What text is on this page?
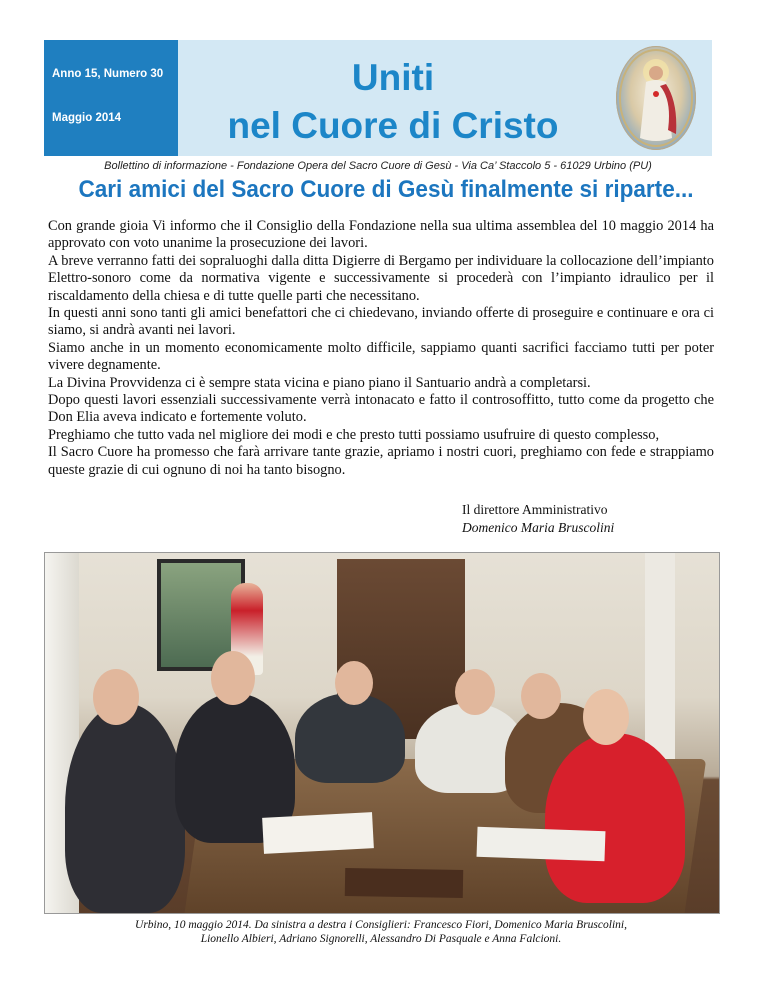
Anno 15, Numero 30
Maggio 2014
Uniti
nel Cuore di Cristo
Bollettino di informazione - Fondazione Opera del Sacro Cuore di Gesù - Via Ca’ Staccolo 5 - 61029 Urbino (PU)
Cari amici del Sacro Cuore di Gesù finalmente si riparte...

Con grande gioia Vi informo che il Consiglio della Fondazione nella sua ultima assemblea del 10 maggio 2014 ha approvato con voto unanime la prosecuzione dei lavori.

A breve verranno fatti dei sopraluoghi dalla ditta Digierre di Bergamo per individuare la collocazione dell’impianto Elettro-sonoro come da normativa vigente e successivamente si procederà con l’impianto idraulico per il riscaldamento della chiesa e di tutte quelle parti che necessitano.

In questi anni sono tanti gli amici benefattori che ci chiedevano, inviando offerte di proseguire e continuare e ora ci siamo, si andrà avanti nei lavori.

Siamo anche in un momento economicamente molto difficile, sappiamo quanti sacrifici facciamo tutti per poter vivere degnamente.

La Divina Provvidenza ci è sempre stata vicina e piano piano il Santuario andrà a completarsi.

Dopo questi lavori essenziali successivamente verrà intonacato e fatto il controsoffitto, tutto come da progetto che Don Elia aveva indicato e fortemente voluto.

Preghiamo che tutto vada nel migliore dei modi e che presto tutti possiamo usufruire di questo complesso,

Il Sacro Cuore ha promesso che farà arrivare tante grazie, apriamo i nostri cuori, preghiamo con fede e strappiamo queste grazie di cui ognuno di noi ha tanto bisogno.

Il direttore Amministrativo
Domenico Maria Bruscolini

Urbino, 10 maggio 2014. Da sinistra a destra i Consiglieri: Francesco Fiori, Domenico Maria Bruscolini,

Lionello Albieri, Adriano Signorelli, Alessandro Di Pasquale e Anna Falcioni.
